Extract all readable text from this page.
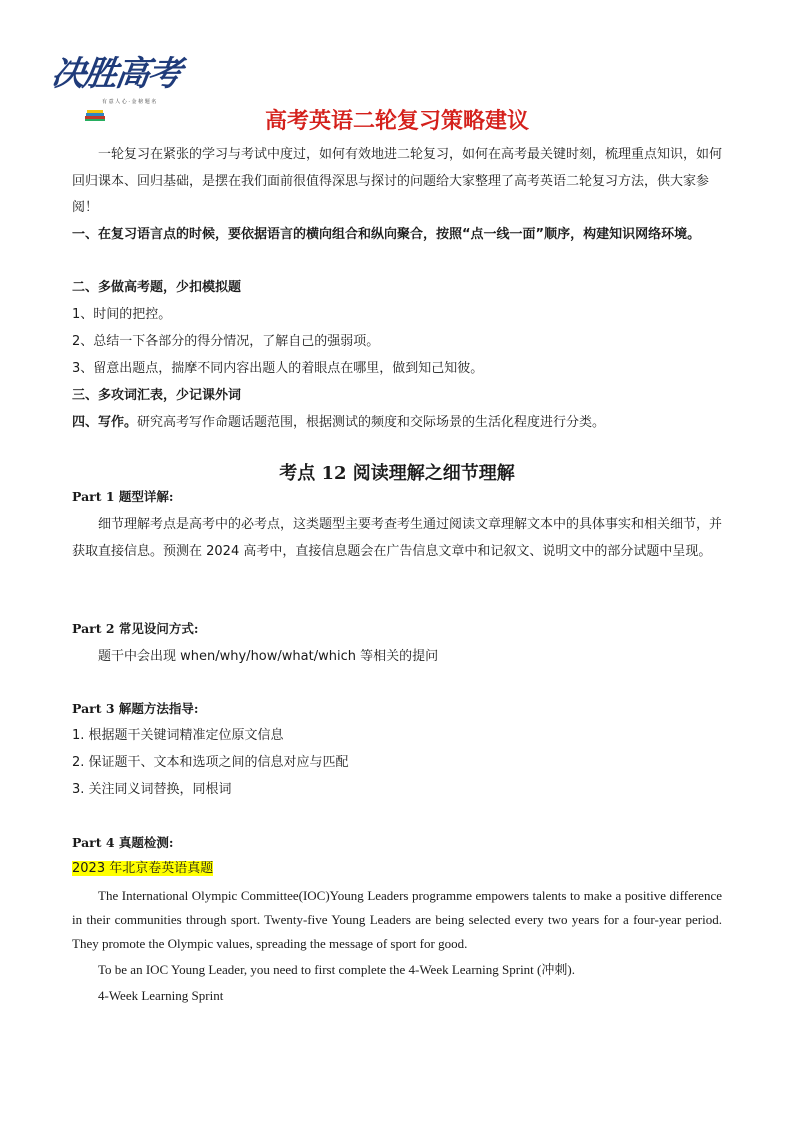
决胜高考
有 意 人 心 · 金 榜 题 名
高考英语二轮复习策略建议

一轮复习在紧张的学习与考试中度过，如何有效地进二轮复习，如何在高考最关键时刻，梳理重点知识，如何回归课本、回归基础，是摆在我们面前很值得深思与探讨的问题给大家整理了高考英语二轮复习方法，供大家参阅！

一、在复习语言点的时候，要依据语言的横向组合和纵向聚合，按照“点一线一面”顺序，构建知识网络环境。

二、多做高考题，少扣模拟题

1、时间的把控。

2、总结一下各部分的得分情况，了解自己的强弱项。

3、留意出题点，揣摩不同内容出题人的着眼点在哪里，做到知己知彼。

三、多攻词汇表，少记课外词

四、写作。研究高考写作命题话题范围，根据测试的频度和交际场景的生活化程度进行分类。

考点 12 阅读理解之细节理解

Part 1 题型详解:

细节理解考点是高考中的必考点，这类题型主要考查考生通过阅读文章理解文本中的具体事实和相关细节，并获取直接信息。预测在 2024 高考中，直接信息题会在广告信息文章中和记叙文、说明文中的部分试题中呈现。

Part 2 常见设问方式:

题干中会出现 when/why/how/what/which 等相关的提问

Part 3 解题方法指导:

1. 根据题干关键词精准定位原文信息

2. 保证题干、文本和选项之间的信息对应与匹配

3. 关注同义词替换，同根词

Part 4 真题检测:

2023 年北京卷英语真题

The International Olympic Committee(IOC)Young Leaders programme empowers talents to make a positive difference in their communities through sport. Twenty-five Young Leaders are being selected every two years for a four-year period. They promote the Olympic values, spreading the message of sport for good.

To be an IOC Young Leader, you need to first complete the 4-Week Learning Sprint (冲刺).

4-Week Learning Sprint
